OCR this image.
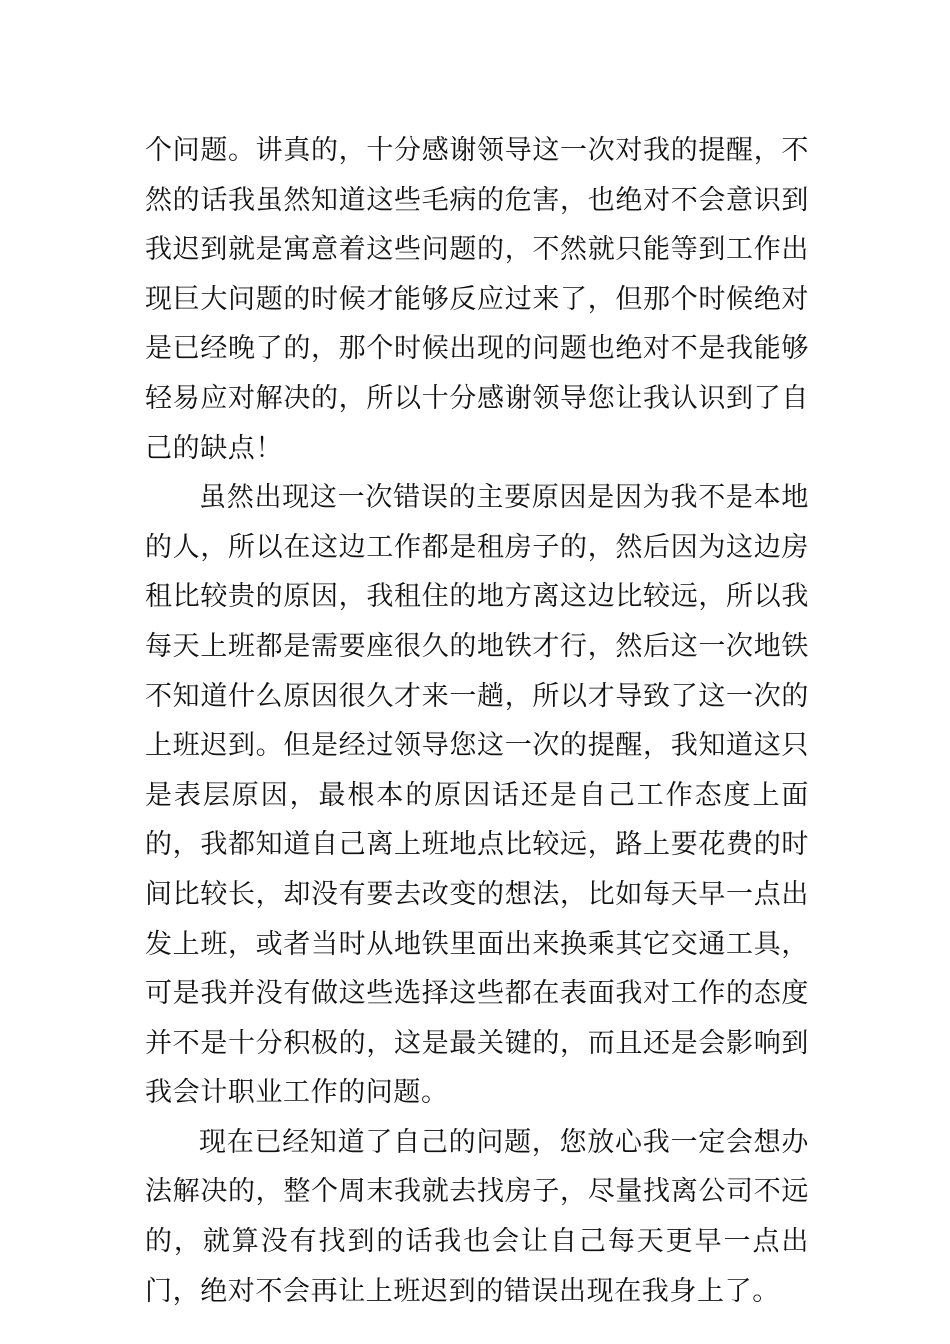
个问题。讲真的，十分感谢领导这一次对我的提醒，不然的话我虽然知道这些毛病的危害，也绝对不会意识到我迟到就是寓意着这些问题的，不然就只能等到工作出现巨大问题的时候才能够反应过来了，但那个时候绝对是已经晚了的，那个时候出现的问题也绝对不是我能够轻易应对解决的，所以十分感谢领导您让我认识到了自己的缺点！

虽然出现这一次错误的主要原因是因为我不是本地的人，所以在这边工作都是租房子的，然后因为这边房租比较贵的原因，我租住的地方离这边比较远，所以我每天上班都是需要座很久的地铁才行，然后这一次地铁不知道什么原因很久才来一趟，所以才导致了这一次的上班迟到。但是经过领导您这一次的提醒，我知道这只是表层原因，最根本的原因话还是自己工作态度上面的，我都知道自己离上班地点比较远，路上要花费的时间比较长，却没有要去改变的想法，比如每天早一点出发上班，或者当时从地铁里面出来换乘其它交通工具，可是我并没有做这些选择这些都在表面我对工作的态度并不是十分积极的，这是最关键的，而且还是会影响到我会计职业工作的问题。

现在已经知道了自己的问题，您放心我一定会想办法解决的，整个周末我就去找房子，尽量找离公司不远的，就算没有找到的话我也会让自己每天更早一点出门，绝对不会再让上班迟到的错误出现在我身上了。
